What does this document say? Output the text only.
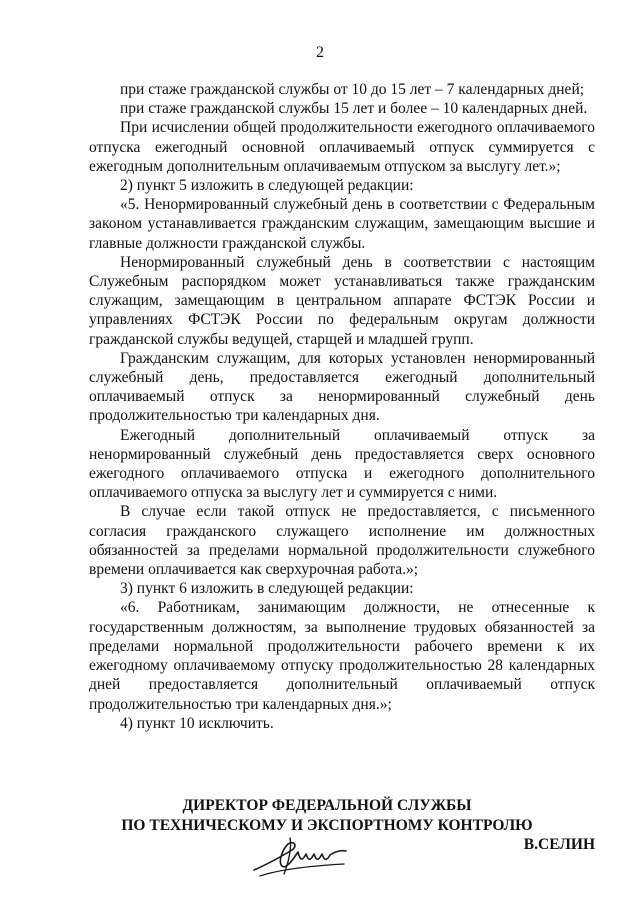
2

при стаже гражданской службы от 10 до 15 лет – 7 календарных дней;

при стаже гражданской службы 15 лет и более – 10 календарных дней.

При исчислении общей продолжительности ежегодного оплачиваемого отпуска ежегодный основной оплачиваемый отпуск суммируется с ежегодным дополнительным оплачиваемым отпуском за выслугу лет.»;

2) пункт 5 изложить в следующей редакции:

«5. Ненормированный служебный день в соответствии с Федеральным законом устанавливается гражданским служащим, замещающим высшие и главные должности гражданской службы.

Ненормированный служебный день в соответствии с настоящим Служебным распорядком может устанавливаться также гражданским служащим, замещающим в центральном аппарате ФСТЭК России и управлениях ФСТЭК России по федеральным округам должности гражданской службы ведущей, старщей и младшей групп.

Гражданским служащим, для которых установлен ненормированный служебный день, предоставляется ежегодный дополнительный оплачиваемый отпуск за ненормированный служебный день продолжительностью три календарных дня.

Ежегодный дополнительный оплачиваемый отпуск за ненормированный служебный день предоставляется сверх основного ежегодного оплачиваемого отпуска и ежегодного дополнительного оплачиваемого отпуска за выслугу лет и суммируется с ними.

В случае если такой отпуск не предоставляется, с письменного согласия гражданского служащего исполнение им должностных обязанностей за пределами нормальной продолжительности служебного времени оплачивается как сверхурочная работа.»;

3) пункт 6 изложить в следующей редакции:

«6. Работникам, занимающим должности, не отнесенные к государственным должностям, за выполнение трудовых обязанностей за пределами нормальной продолжительности рабочего времени к их ежегодному оплачиваемому отпуску продолжительностью 28 календарных дней предоставляется дополнительный оплачиваемый отпуск продолжительностью три календарных дня.»;

4) пункт 10 исключить.

ДИРЕКТОР ФЕДЕРАЛЬНОЙ СЛУЖБЫ
ПО ТЕХНИЧЕСКОМУ И ЭКСПОРТНОМУ КОНТРОЛЮ
В.СЕЛИН
